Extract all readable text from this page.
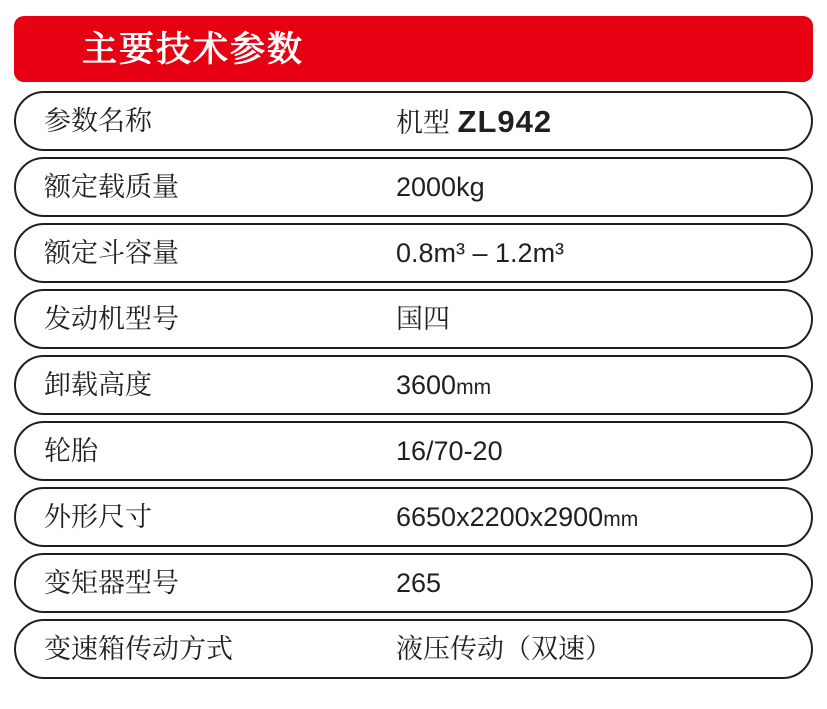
主要技术参数
参数名称	机型 ZL942
额定载质量	2000kg
额定斗容量	0.8m³ – 1.2m³
发动机型号	国四
卸载高度	3600mm
轮胎	16/70-20
外形尺寸	6650x2200x2900mm
变矩器型号	265
变速箱传动方式	液压传动（双速）
